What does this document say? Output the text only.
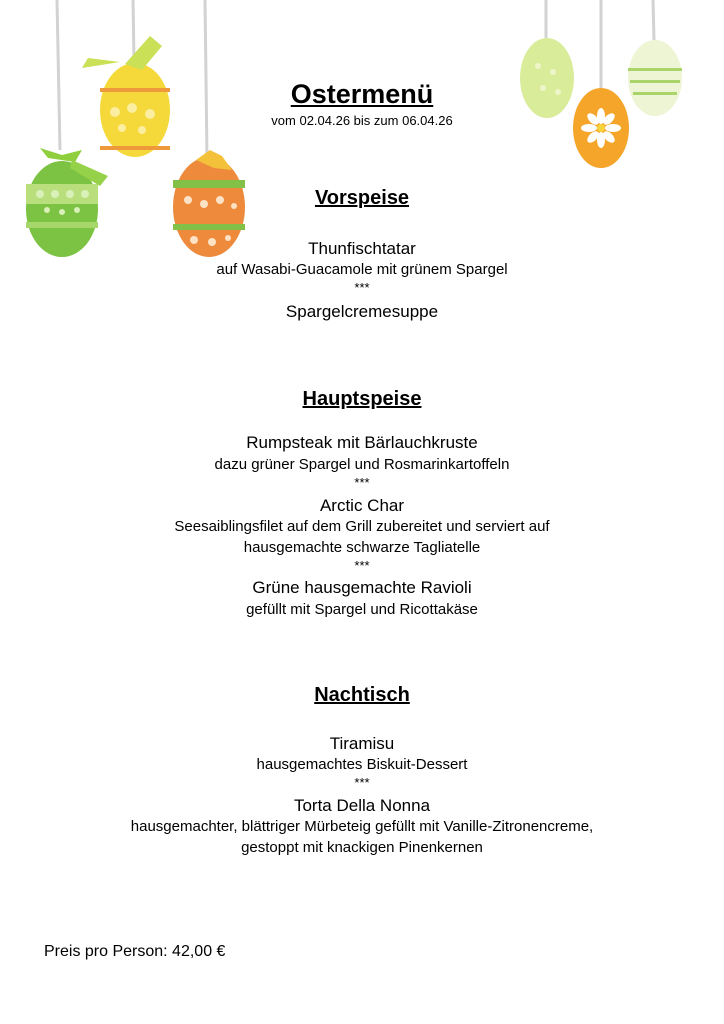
Ostermenü
vom 02.04.26 bis zum 06.04.26
Vorspeise
Thunfischtatar
auf Wasabi-Guacamole mit grünem Spargel
***
Spargelcremesuppe
Hauptspeise
Rumpsteak mit Bärlauchkruste
dazu grüner Spargel und Rosmarinkartoffeln
***
Arctic Char
Seesaiblingsfilet auf dem Grill zubereitet und serviert auf
hausgemachte schwarze Tagliatelle
***
Grüne hausgemachte Ravioli
gefüllt mit Spargel und Ricottakäse
Nachtisch
Tiramisu
hausgemachtes Biskuit-Dessert
***
Torta Della Nonna
hausgemachter, blättriger Mürbeteig gefüllt mit Vanille-Zitronencreme,
gestoppt mit knackigen Pinenkernen
Preis pro Person: 42,00 €
